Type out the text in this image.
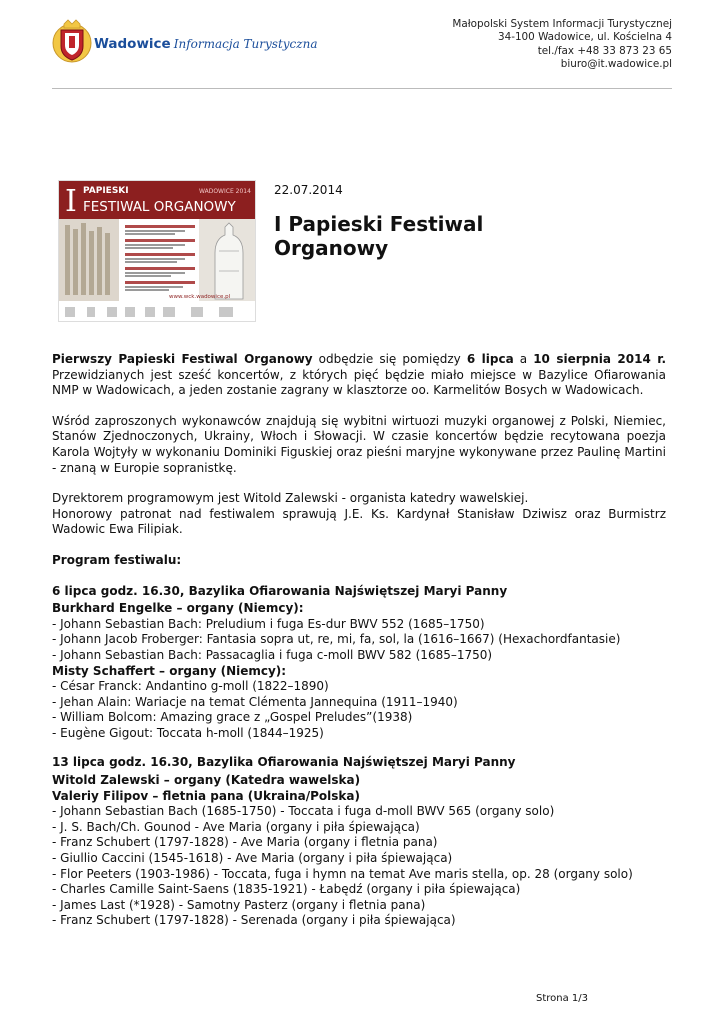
Wadowice Informacja Turystyczna
Małopolski System Informacji Turystycznej
34-100 Wadowice, ul. Kościelna 4
tel./fax +48 33 873 23 65
biuro@it.wadowice.pl
I PAPIESKI	WADOWICE 2014
FESTIWAL ORGANOWY
www.wck.wadowice.pl
22.07.2014
I Papieski Festiwal Organowy

Pierwszy Papieski Festiwal Organowy odbędzie się pomiędzy 6 lipca a 10 sierpnia 2014 r. Przewidzianych jest sześć koncertów, z których pięć będzie miało miejsce w Bazylice Ofiarowania NMP w Wadowicach, a jeden zostanie zagrany w klasztorze oo. Karmelitów Bosych w Wadowicach.

Wśród zaproszonych wykonawców znajdują się wybitni wirtuozi muzyki organowej z Polski, Niemiec, Stanów Zjednoczonych, Ukrainy, Włoch i Słowacji. W czasie koncertów będzie recytowana poezja Karola Wojtyły w wykonaniu Dominiki Figuskiej oraz pieśni maryjne wykonywane przez Paulinę Martini - znaną w Europie sopranistkę.

Dyrektorem programowym jest Witold Zalewski - organista katedry wawelskiej.

Honorowy patronat nad festiwalem sprawują J.E. Ks. Kardynał Stanisław Dziwisz oraz Burmistrz Wadowic Ewa Filipiak.

Program festiwalu:

6 lipca godz. 16.30, Bazylika Ofiarowania Najświętszej Maryi Panny

Burkhard Engelke – organy (Niemcy):

- Johann Sebastian Bach: Preludium i fuga Es-dur BWV 552 (1685–1750)

- Johann Jacob Froberger: Fantasia sopra ut, re, mi, fa, sol, la (1616–1667) (Hexachordfantasie)

- Johann Sebastian Bach: Passacaglia i fuga c-moll BWV 582 (1685–1750)

Misty Schaffert – organy (Niemcy):

- César Franck: Andantino g-moll (1822–1890)

- Jehan Alain: Wariacje na temat Clémenta Jannequina (1911–1940)

- William Bolcom: Amazing grace z „Gospel Preludes”(1938)

- Eugène Gigout: Toccata h-moll (1844–1925)

13 lipca godz. 16.30, Bazylika Ofiarowania Najświętszej Maryi Panny

Witold Zalewski – organy (Katedra wawelska)

Valeriy Filipov – fletnia pana (Ukraina/Polska)

- Johann Sebastian Bach (1685-1750) - Toccata i fuga d-moll BWV 565 (organy solo)

- J. S. Bach/Ch. Gounod - Ave Maria (organy i piła śpiewająca)

- Franz Schubert (1797-1828) - Ave Maria (organy i fletnia pana)

- Giullio Caccini (1545-1618) - Ave Maria (organy i piła śpiewająca)

- Flor Peeters (1903-1986) - Toccata, fuga i hymn na temat Ave maris stella, op. 28 (organy solo)

- Charles Camille Saint-Saens (1835-1921) - Łabędź (organy i piła śpiewająca)

- James Last (*1928) - Samotny Pasterz (organy i fletnia pana)

- Franz Schubert (1797-1828) - Serenada (organy i piła śpiewająca)

Strona 1/3
